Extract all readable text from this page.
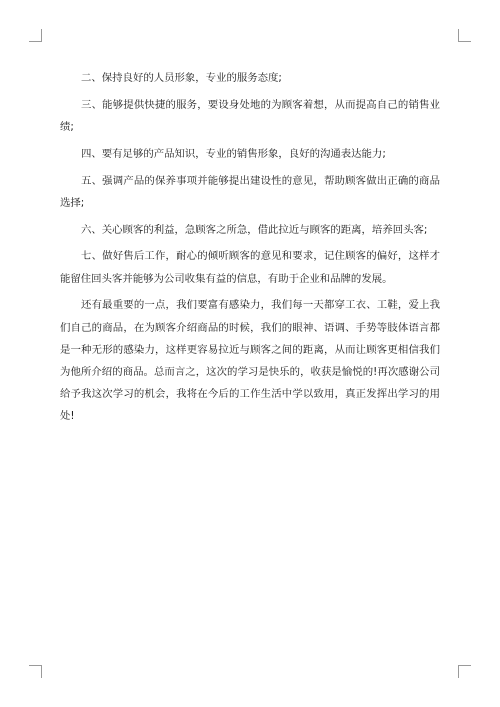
二、保持良好的人员形象，专业的服务态度;

三、能够提供快捷的服务，要设身处地的为顾客着想，从而提高自己的销售业绩;

四、要有足够的产品知识，专业的销售形象，良好的沟通表达能力;

五、强调产品的保养事项并能够提出建设性的意见，帮助顾客做出正确的商品选择;

六、关心顾客的利益，急顾客之所急，借此拉近与顾客的距离，培养回头客;

七、做好售后工作，耐心的倾听顾客的意见和要求，记住顾客的偏好，这样才能留住回头客并能够为公司收集有益的信息，有助于企业和品牌的发展。

还有最重要的一点，我们要富有感染力，我们每一天都穿工衣、工鞋，爱上我们自己的商品，在为顾客介绍商品的时候，我们的眼神、语调、手势等肢体语言都是一种无形的感染力，这样更容易拉近与顾客之间的距离，从而让顾客更相信我们为他所介绍的商品。总而言之，这次的学习是快乐的，收获是愉悦的!再次感谢公司给予我这次学习的机会，我将在今后的工作生活中学以致用，真正发挥出学习的用处!
